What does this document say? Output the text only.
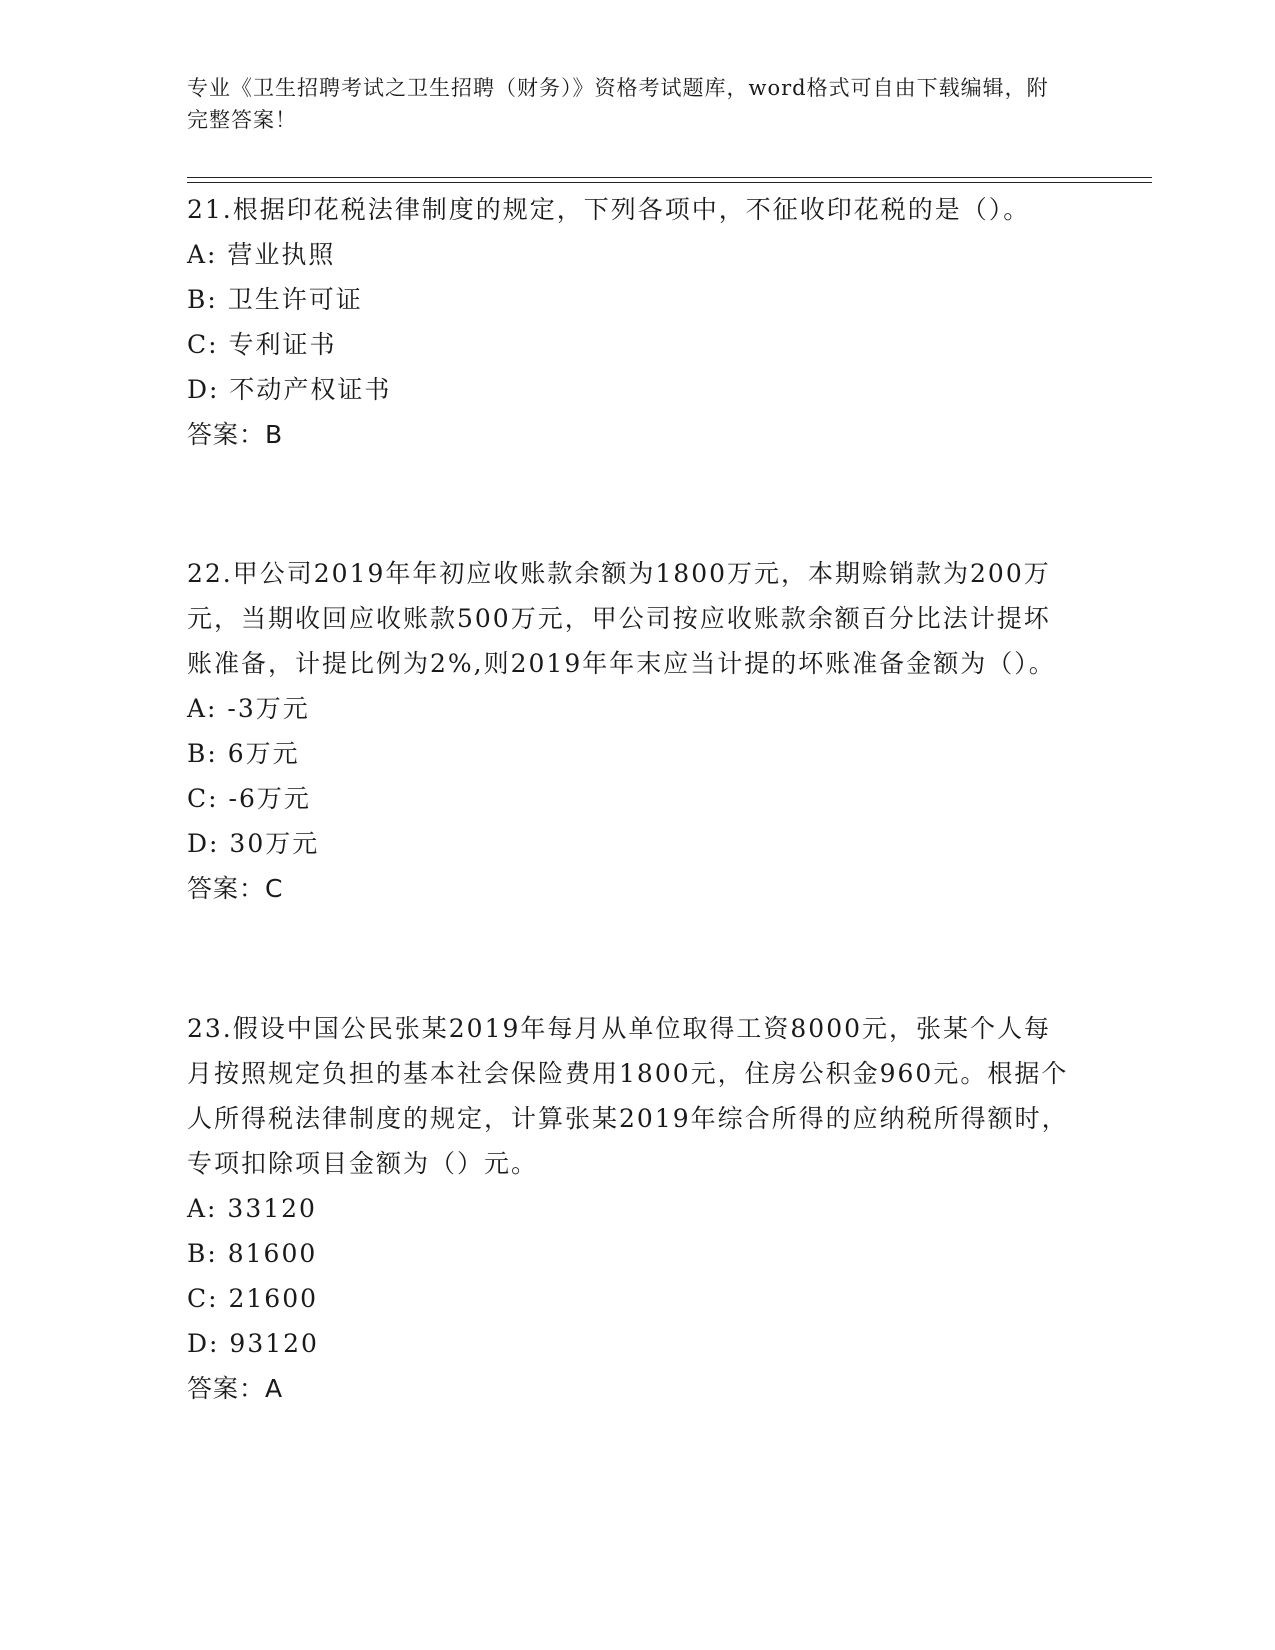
专业《卫生招聘考试之卫生招聘（财务）》资格考试题库，word格式可自由下载编辑，附完整答案！
21.根据印花税法律制度的规定，下列各项中，不征收印花税的是（）。
A: 营业执照
B: 卫生许可证
C: 专利证书
D: 不动产权证书
答案：B
22.甲公司2019年年初应收账款余额为1800万元，本期赊销款为200万元，当期收回应收账款500万元，甲公司按应收账款余额百分比法计提坏账准备，计提比例为2%,则2019年年末应当计提的坏账准备金额为（）。
A: -3万元
B: 6万元
C: -6万元
D: 30万元
答案：C
23.假设中国公民张某2019年每月从单位取得工资8000元，张某个人每月按照规定负担的基本社会保险费用1800元，住房公积金960元。根据个人所得税法律制度的规定，计算张某2019年综合所得的应纳税所得额时，专项扣除项目金额为（）元。
A: 33120
B: 81600
C: 21600
D: 93120
答案：A
